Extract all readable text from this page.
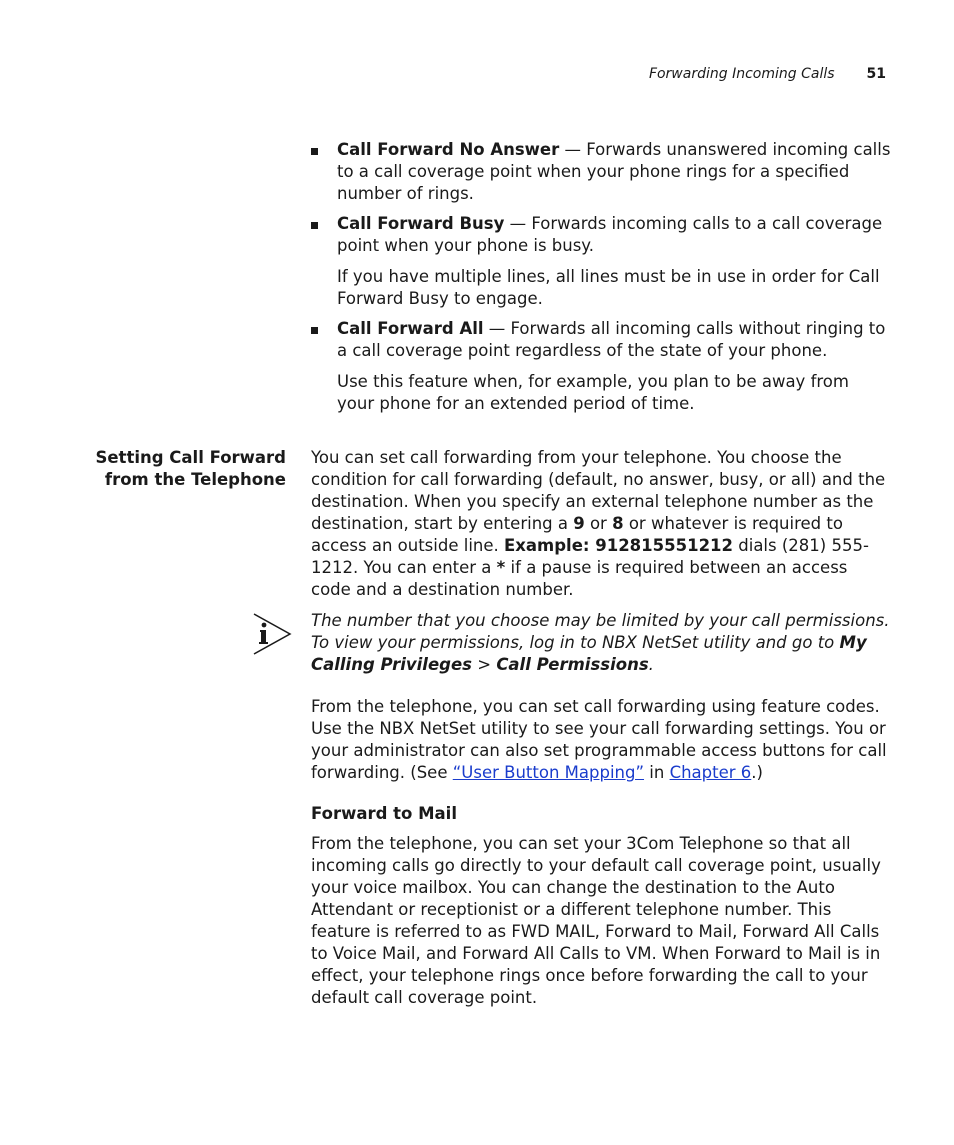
Forwarding Incoming Calls 51
Call Forward No Answer — Forwards unanswered incoming calls to a call coverage point when your phone rings for a specified number of rings.
Call Forward Busy — Forwards incoming calls to a call coverage point when your phone is busy.
If you have multiple lines, all lines must be in use in order for Call Forward Busy to engage.
Call Forward All — Forwards all incoming calls without ringing to a call coverage point regardless of the state of your phone.
Use this feature when, for example, you plan to be away from your phone for an extended period of time.
Setting Call Forward
from the Telephone
You can set call forwarding from your telephone. You choose the condition for call forwarding (default, no answer, busy, or all) and the destination. When you specify an external telephone number as the destination, start by entering a 9 or 8 or whatever is required to access an outside line. Example: 912815551212 dials (281) 555-1212. You can enter a * if a pause is required between an access code and a destination number.
The number that you choose may be limited by your call permissions. To view your permissions, log in to NBX NetSet utility and go to My Calling Privileges > Call Permissions.
From the telephone, you can set call forwarding using feature codes. Use the NBX NetSet utility to see your call forwarding settings. You or your administrator can also set programmable access buttons for call forwarding. (See “User Button Mapping” in Chapter 6.)
Forward to Mail
From the telephone, you can set your 3Com Telephone so that all incoming calls go directly to your default call coverage point, usually your voice mailbox. You can change the destination to the Auto Attendant or receptionist or a different telephone number. This feature is referred to as FWD MAIL, Forward to Mail, Forward All Calls to Voice Mail, and Forward All Calls to VM. When Forward to Mail is in effect, your telephone rings once before forwarding the call to your default call coverage point.
